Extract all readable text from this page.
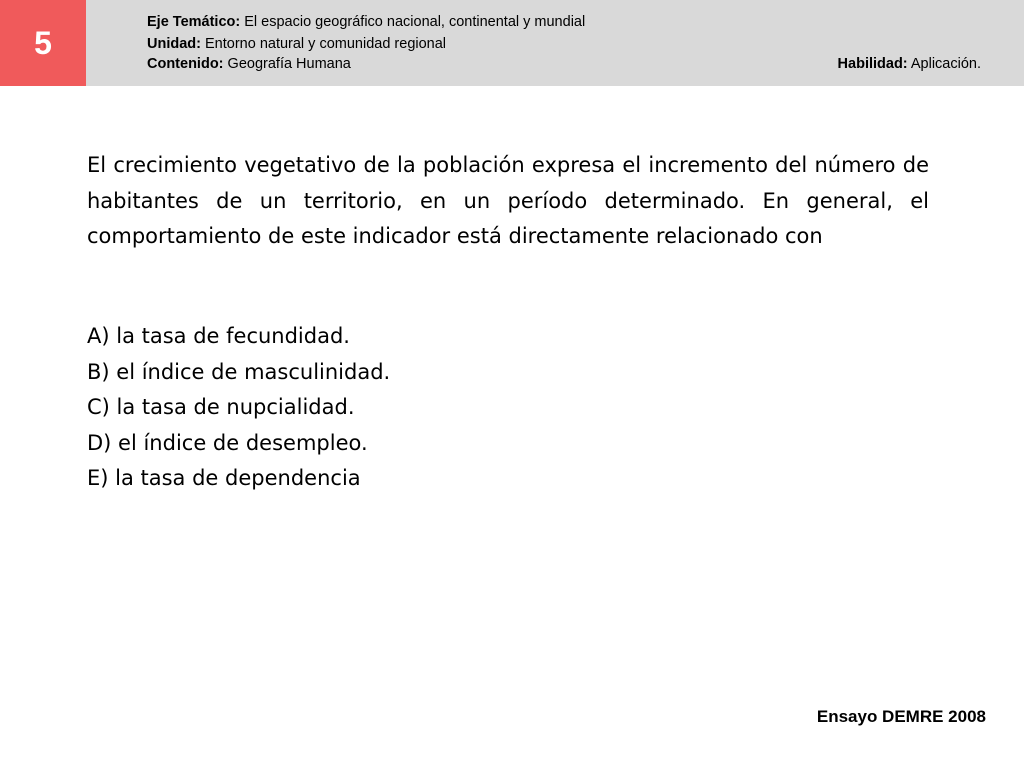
5
Eje Temático: El espacio geográfico nacional, continental y mundial
Unidad: Entorno natural y comunidad regional
Contenido: Geografía Humana	Habilidad: Aplicación.

El crecimiento vegetativo de la población expresa el incremento del número de habitantes de un territorio, en un período determinado. En general, el comportamiento de este indicador está directamente relacionado con

A) la tasa de fecundidad.
B) el índice de masculinidad.
C) la tasa de nupcialidad.
D) el índice de desempleo.
E) la tasa de dependencia
Ensayo DEMRE 2008
